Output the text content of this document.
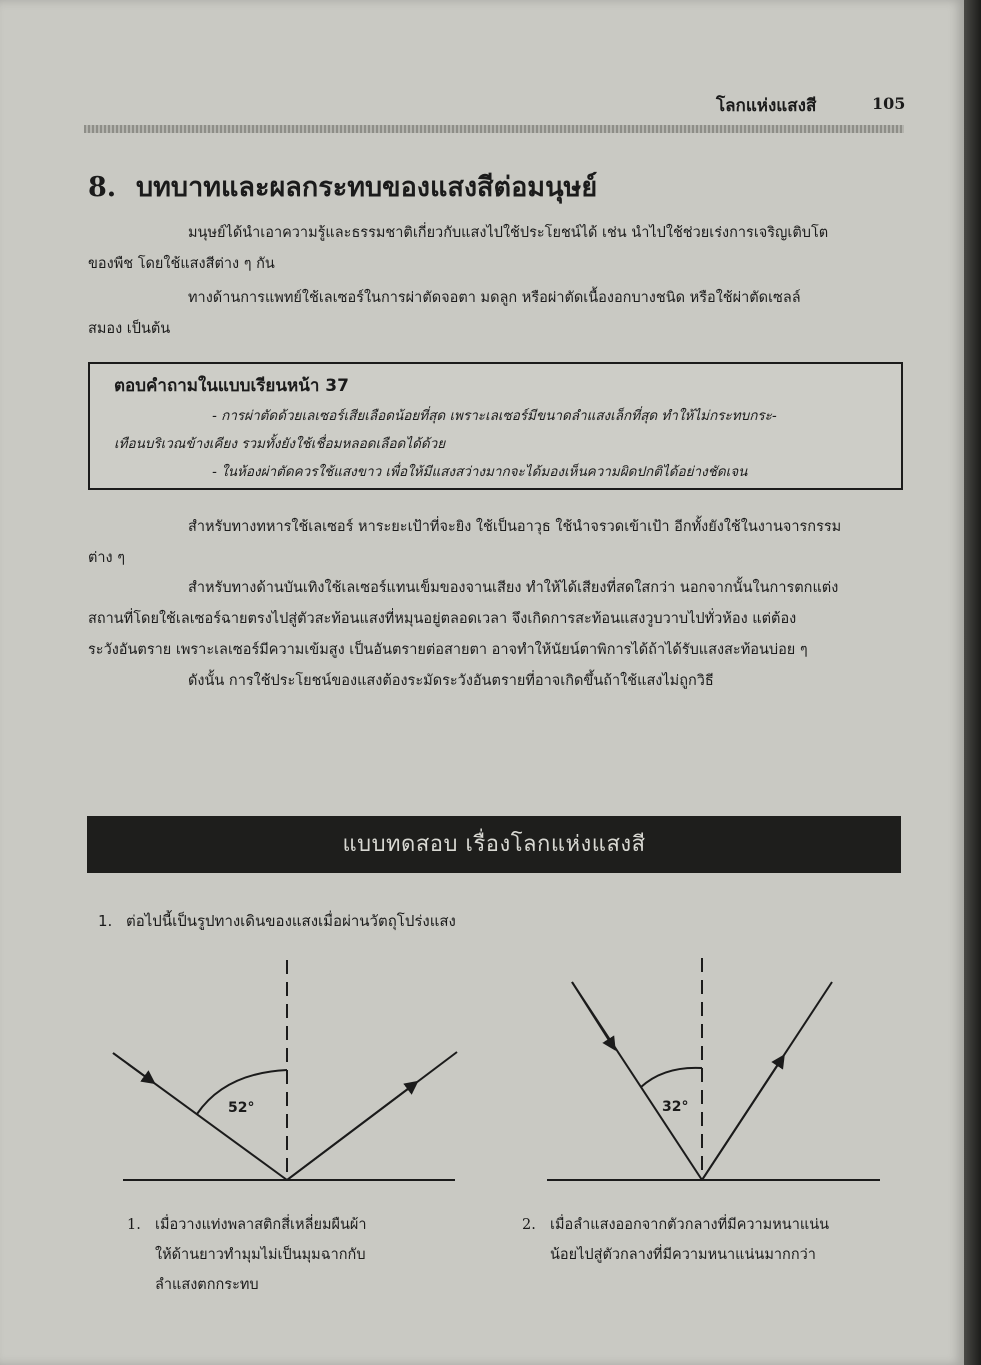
โลกแห่งแสงสี	105
8. บทบาทและผลกระทบของแสงสีต่อมนุษย์
มนุษย์ได้นำเอาความรู้และธรรมชาติเกี่ยวกับแสงไปใช้ประโยชน์ได้ เช่น นำไปใช้ช่วยเร่งการเจริญเติบโต
ของพืช โดยใช้แสงสีต่าง ๆ กัน
ทางด้านการแพทย์ใช้เลเซอร์ในการผ่าตัดจอตา มดลูก หรือผ่าตัดเนื้องอกบางชนิด หรือใช้ผ่าตัดเซลล์
สมอง เป็นต้น
ตอบคำถามในแบบเรียนหน้า 37
- การผ่าตัดด้วยเลเซอร์เสียเลือดน้อยที่สุด เพราะเลเซอร์มีขนาดลำแสงเล็กที่สุด ทำให้ไม่กระทบกระ-
เทือนบริเวณข้างเคียง รวมทั้งยังใช้เชื่อมหลอดเลือดได้ด้วย
- ในห้องผ่าตัดควรใช้แสงขาว เพื่อให้มีแสงสว่างมากจะได้มองเห็นความผิดปกติได้อย่างชัดเจน
สำหรับทางทหารใช้เลเซอร์ หาระยะเป้าที่จะยิง ใช้เป็นอาวุธ ใช้นำจรวดเข้าเป้า อีกทั้งยังใช้ในงานจารกรรม
ต่าง ๆ
สำหรับทางด้านบันเทิงใช้เลเซอร์แทนเข็มของจานเสียง ทำให้ได้เสียงที่สดใสกว่า นอกจากนั้นในการตกแต่ง
สถานที่โดยใช้เลเซอร์ฉายตรงไปสู่ตัวสะท้อนแสงที่หมุนอยู่ตลอดเวลา จึงเกิดการสะท้อนแสงวูบวาบไปทั่วห้อง แต่ต้อง
ระวังอันตราย เพราะเลเซอร์มีความเข้มสูง เป็นอันตรายต่อสายตา อาจทำให้นัยน์ตาพิการได้ถ้าได้รับแสงสะท้อนบ่อย ๆ
ดังนั้น การใช้ประโยชน์ของแสงต้องระมัดระวังอันตรายที่อาจเกิดขึ้นถ้าใช้แสงไม่ถูกวิธี
แบบทดสอบ เรื่องโลกแห่งแสงสี
1. ต่อไปนี้เป็นรูปทางเดินของแสงเมื่อผ่านวัตถุโปร่งแสง
52°	32°
1. เมื่อวางแท่งพลาสติกสี่เหลี่ยมผืนผ้า
ให้ด้านยาวทำมุมไม่เป็นมุมฉากกับ
ลำแสงตกกระทบ
2. เมื่อลำแสงออกจากตัวกลางที่มีความหนาแน่น
น้อยไปสู่ตัวกลางที่มีความหนาแน่นมากกว่า
